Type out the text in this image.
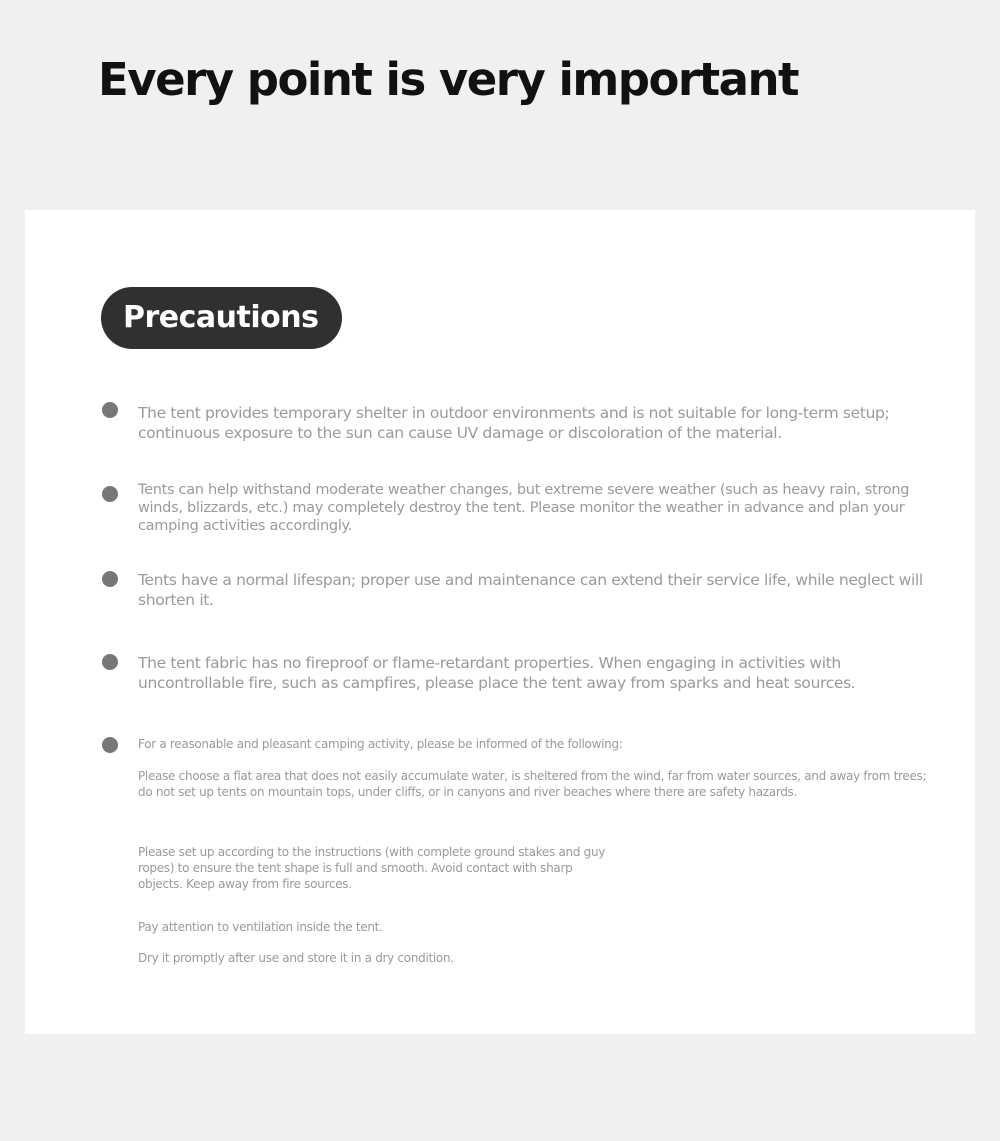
Every point is very important
Precautions

The tent provides temporary shelter in outdoor environments and is not suitable for long-term setup; continuous exposure to the sun can cause UV damage or discoloration of the material.

Tents can help withstand moderate weather changes, but extreme severe weather (such as heavy rain, strong winds, blizzards, etc.) may completely destroy the tent. Please monitor the weather in advance and plan your camping activities accordingly.

Tents have a normal lifespan; proper use and maintenance can extend their service life, while neglect will shorten it.

The tent fabric has no fireproof or flame-retardant properties. When engaging in activities with uncontrollable fire, such as campfires, please place the tent away from sparks and heat sources.

For a reasonable and pleasant camping activity, please be informed of the following:

Please choose a flat area that does not easily accumulate water, is sheltered from the wind, far from water sources, and away from trees; do not set up tents on mountain tops, under cliffs, or in canyons and river beaches where there are safety hazards.

Please set up according to the instructions (with complete ground stakes and guy ropes) to ensure the tent shape is full and smooth. Avoid contact with sharp objects. Keep away from fire sources.

Pay attention to ventilation inside the tent.

Dry it promptly after use and store it in a dry condition.
